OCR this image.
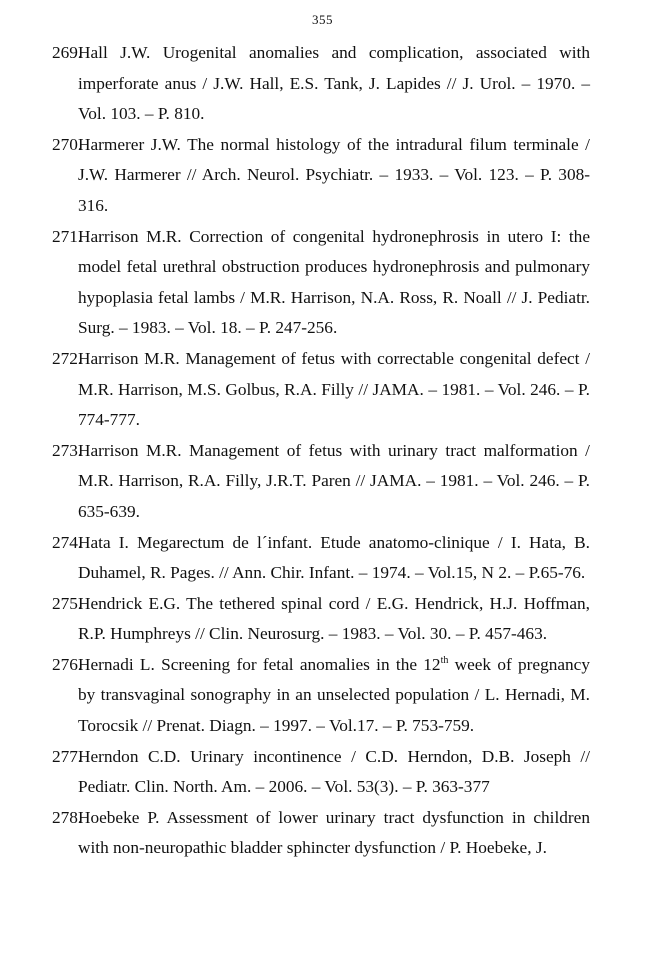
355
269.
Hall J.W. Urogenital anomalies and complication, associated with imperforate anus / J.W. Hall, E.S. Tank, J. Lapides // J. Urol. – 1970. – Vol. 103. – P. 810.
270.
Harmerer J.W. The normal histology of the intradural filum terminale / J.W. Harmerer // Arch. Neurol. Psychiatr. – 1933. – Vol. 123. – P. 308-316.
271.
Harrison M.R. Correction of congenital hydronephrosis in utero I: the model fetal urethral obstruction produces hydronephrosis and pulmonary hypoplasia fetal lambs / M.R. Harrison, N.A. Ross, R. Noall // J. Pediatr. Surg. – 1983. – Vol. 18. – P. 247-256.
272.
Harrison M.R. Management of fetus with correctable congenital defect / M.R. Harrison, M.S. Golbus, R.A. Filly // JAMA. – 1981. – Vol. 246. – P. 774-777.
273.
Harrison M.R. Management of fetus with urinary tract malformation / M.R. Harrison, R.A. Filly, J.R.T. Paren // JAMA. – 1981. – Vol. 246. – P. 635-639.
274.
Hata I. Megarectum de l´infant. Etude anatomo-clinique / I. Hata, B. Duhamel, R. Pages. // Ann. Chir. Infant. – 1974. – Vol.15, N 2. – P.65-76.
275.
Hendrick E.G. The tethered spinal cord / E.G. Hendrick, H.J. Hoffman, R.P. Humphreys // Clin. Neurosurg. – 1983. – Vol. 30. – P. 457-463.
276.
Hernadi L. Screening for fetal anomalies in the 12th week of pregnancy by transvaginal sonography in an unselected population / L. Hernadi, M. Torocsik // Prenat. Diagn. – 1997. – Vol.17. – P. 753-759.
277.
Herndon C.D. Urinary incontinence / C.D. Herndon, D.B. Joseph // Pediatr. Clin. North. Am. – 2006. – Vol. 53(3). – P. 363-377
278.
Hoebeke P. Assessment of lower urinary tract dysfunction in children with non-neuropathic bladder sphincter dysfunction / P. Hoebeke, J.
